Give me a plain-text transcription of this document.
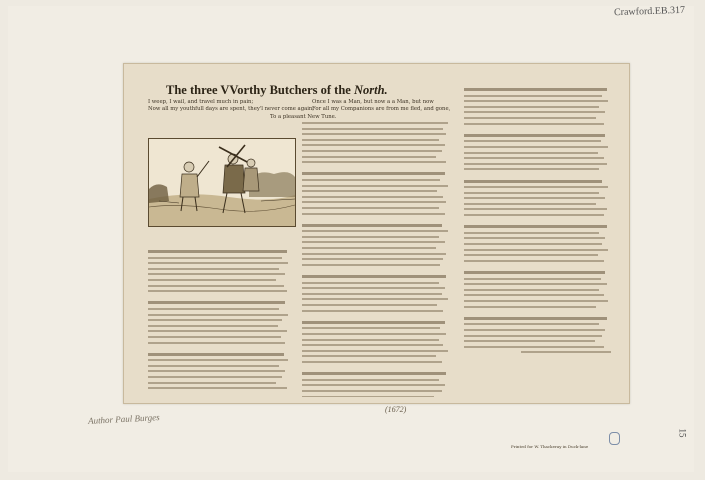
Crawford.EB.317
The three VVorthy Butchers of the North.
I weep, I wail, and travel much in pain;
Now all my youthfull days are spent, they'l never come again;
Once I was a Man, but now a a Man, but now
For all my Companions are from me fled, and gone,
To a pleasant New Tune.
Printed for W. Thackeray in Duck-lane
(1672)
Author Paul Burges
15
